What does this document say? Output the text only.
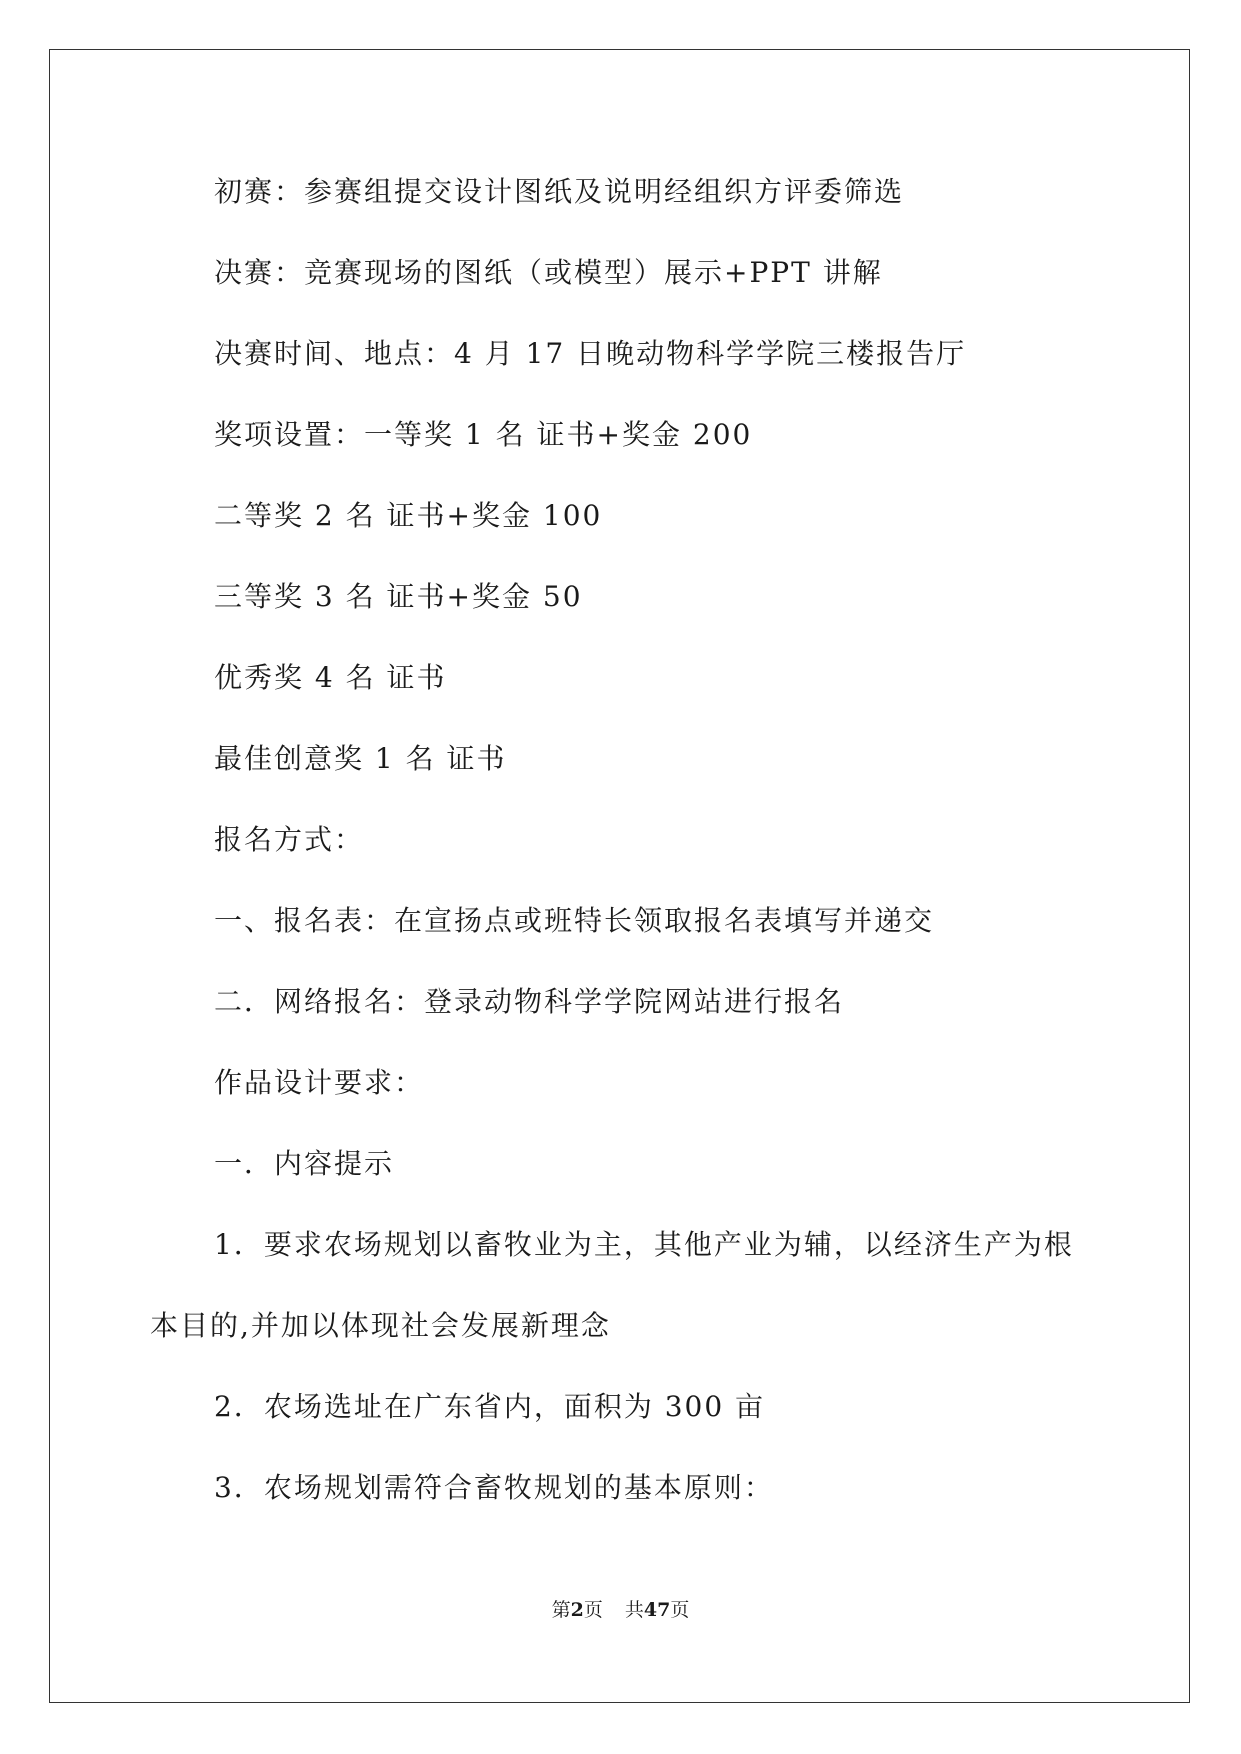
初赛：参赛组提交设计图纸及说明经组织方评委筛选
决赛：竞赛现场的图纸（或模型）展示+PPT 讲解
决赛时间、地点：4 月 17 日晚动物科学学院三楼报告厅
奖项设置：一等奖 1 名 证书+奖金 200
二等奖 2 名 证书+奖金 100
三等奖 3 名 证书+奖金 50
优秀奖 4 名 证书
最佳创意奖 1 名 证书
报名方式：
一、报名表：在宣扬点或班特长领取报名表填写并递交
二．网络报名：登录动物科学学院网站进行报名
作品设计要求：
一．内容提示
1．要求农场规划以畜牧业为主，其他产业为辅，以经济生产为根
本目的,并加以体现社会发展新理念
2．农场选址在广东省内，面积为 300 亩
3．农场规划需符合畜牧规划的基本原则：
第2页 共47页
